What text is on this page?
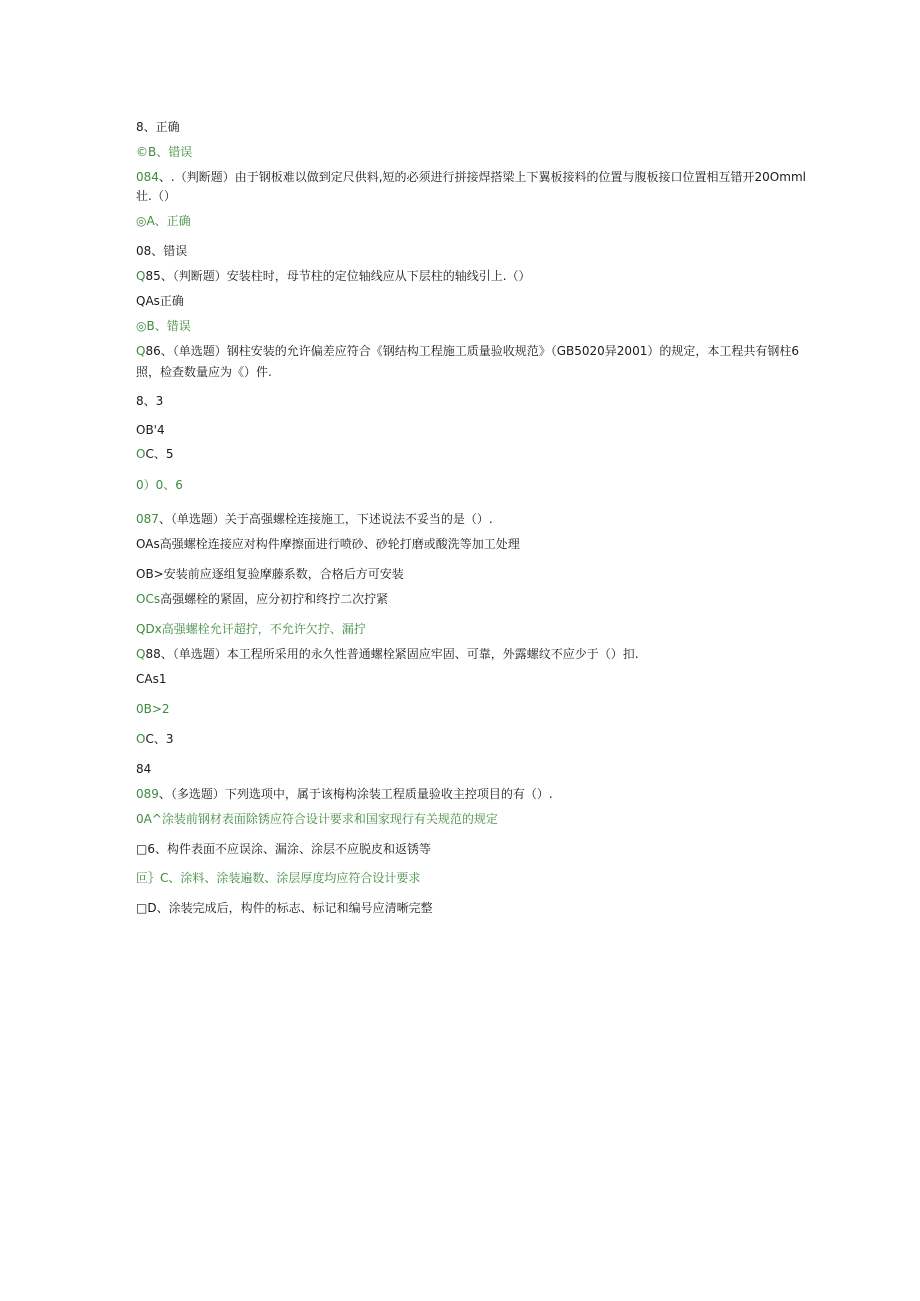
8、正确
©B、错误
084、.（判断题）由于钢板难以做到定尺供料,短的必须进行拼接焊搭梁上下翼板接料的位置与腹板接口位置相互错开20Omml
壮.（）
◎A、正确
08、错误
Q85、（判断题）安装柱时，母节柱的定位轴线应从下层柱的轴线引上.（）
QAs正确
◎B、错误
Q86、（单选题）钢柱安装的允许偏差应符合《钢结构工程施工质量验收规范》（GB5020异2001）的规定，本工程共有钢柱6
照，检查数量应为《）件.
8、3
OB'4
OC、5
0）0、6
087、（单选题）关于高强螺栓连接施工，下述说法不妥当的是（）.
OAs高强螺栓连接应对构件摩擦面进行喷砂、砂轮打磨或酸洗等加工处理
OB>安装前应逐组复验摩藤系数，合格后方可安装
OCs高强螺栓的紧固，应分初拧和终拧二次拧紧
QDx高强螺栓允讦超拧，不允许欠拧、漏拧
Q88、（单选题）本工程所采用的永久性普通螺栓紧固应牢固、可靠，外露螺纹不应少于（）扣.
CAs1
0B>2
OC、3
84
089、（多选题）下列选项中，属于该梅构涂装工程质量验收主控项目的有（）.
0A^涂装前钢材表面除锈应符合设计要求和国家现行有关规范的规定
□6、构件表面不应误涂、漏涂、涂层不应脱皮和返锈等
叵｝C、涂料、涂装遍数、涂层厚度均应符合设计要求
□D、涂装完成后，构件的标志、标记和编号应清晰完整
